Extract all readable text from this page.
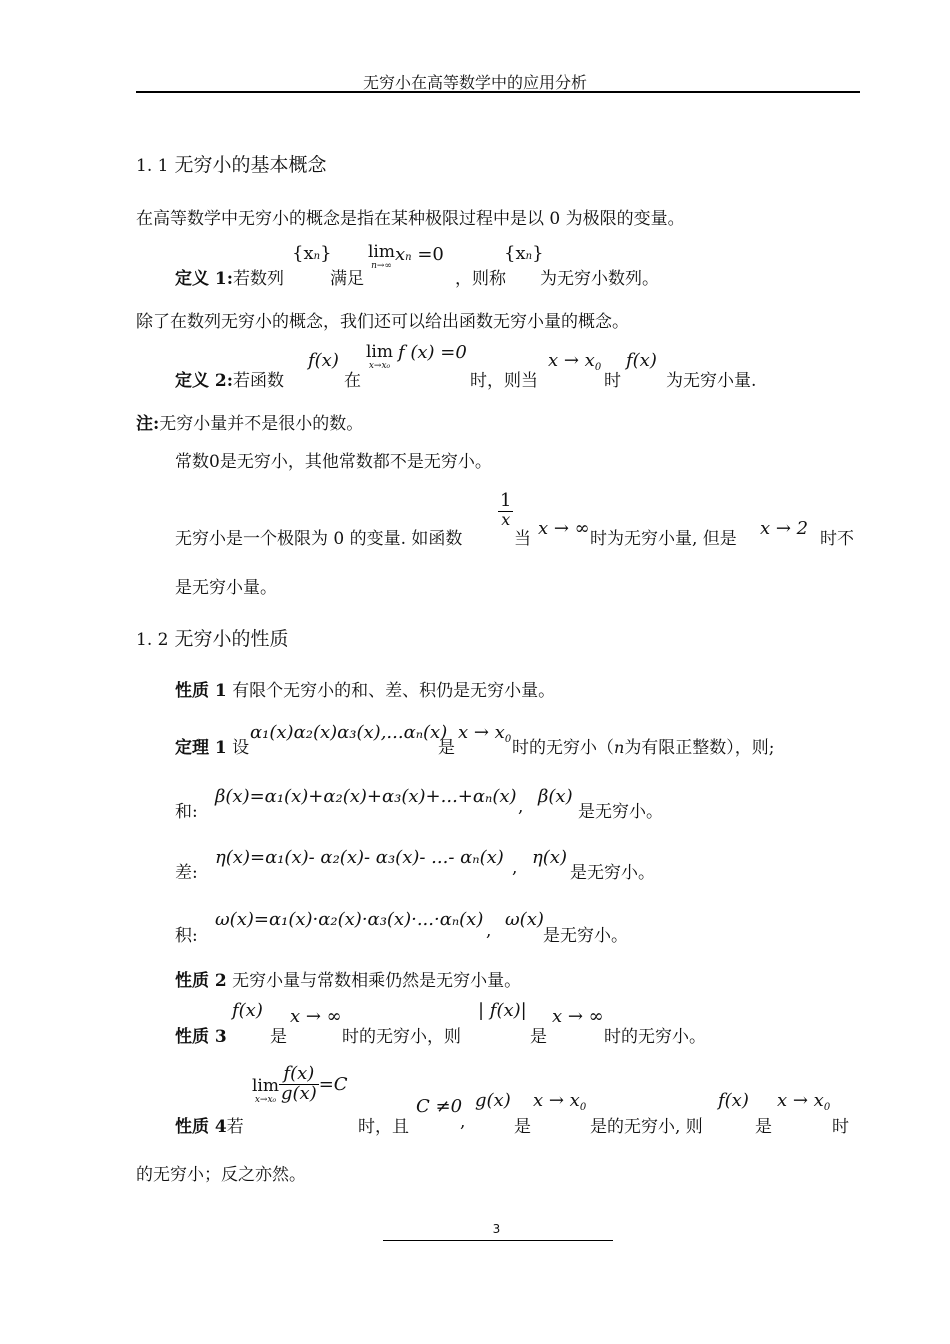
无穷小在高等数学中的应用分析
1. 1 无穷小的基本概念
在高等数学中无穷小的概念是指在某种极限过程中是以 0 为极限的变量。
定义 1:若数列
{xn}
满足
lim
n→∞
$x^n =0$
，则称
{xn}
为无穷小数列。
除了在数列无穷小的概念，我们还可以给出函数无穷小量的概念。
定义 2:若函数
f(x)
在
lim
x→x₀
f (x) =0
时，则当
$x \to x_0$
时
f(x)
为无穷小量.
注:无穷小量并不是很小的数。
常数0是无穷小，其他常数都不是无穷小。
无穷小是一个极限为 0 的变量. 如函数
$\frac{1}{x}$
当 x → ∞ 时为无穷小量, 但是 x → 2 时不
是无穷小量。
1. 2 无穷小的性质
性质 1 有限个无穷小的和、差、积仍是无穷小量。
定理 1 设
α₁(x)α₂(x)α₃(x),...αₙ(x)
是
$x \to x_0$ 时的无穷小（n为有限正整数），则;
和:
β(x)=α₁(x)+α₂(x)+α₃(x)+...+αₙ(x) , β(x)
是无穷小。
差:
η(x)=α₁(x)- α₂(x)- α₃(x)- ...- αₙ(x) , η(x)
是无穷小。
积:
ω(x)=α₁(x)·α₂(x)·α₃(x)·...·αₙ(x)
,
ω(x)
是无穷小。
性质 2 无穷小量与常数相乘仍然是无穷小量。
性质 3
f(x)
是
x → ∞
时的无穷小，则
| f(x)|
是
x → ∞
时的无穷小。
性质 4若
lim
$x\to x_0 \frac{f(x)}{g(x)} =C$
时，且
C ≠0
,
g(x)
是
$x \to x_0$
是的无穷小, 则
f(x)
是
$x \to x_0$
时
的无穷小；反之亦然。
3
